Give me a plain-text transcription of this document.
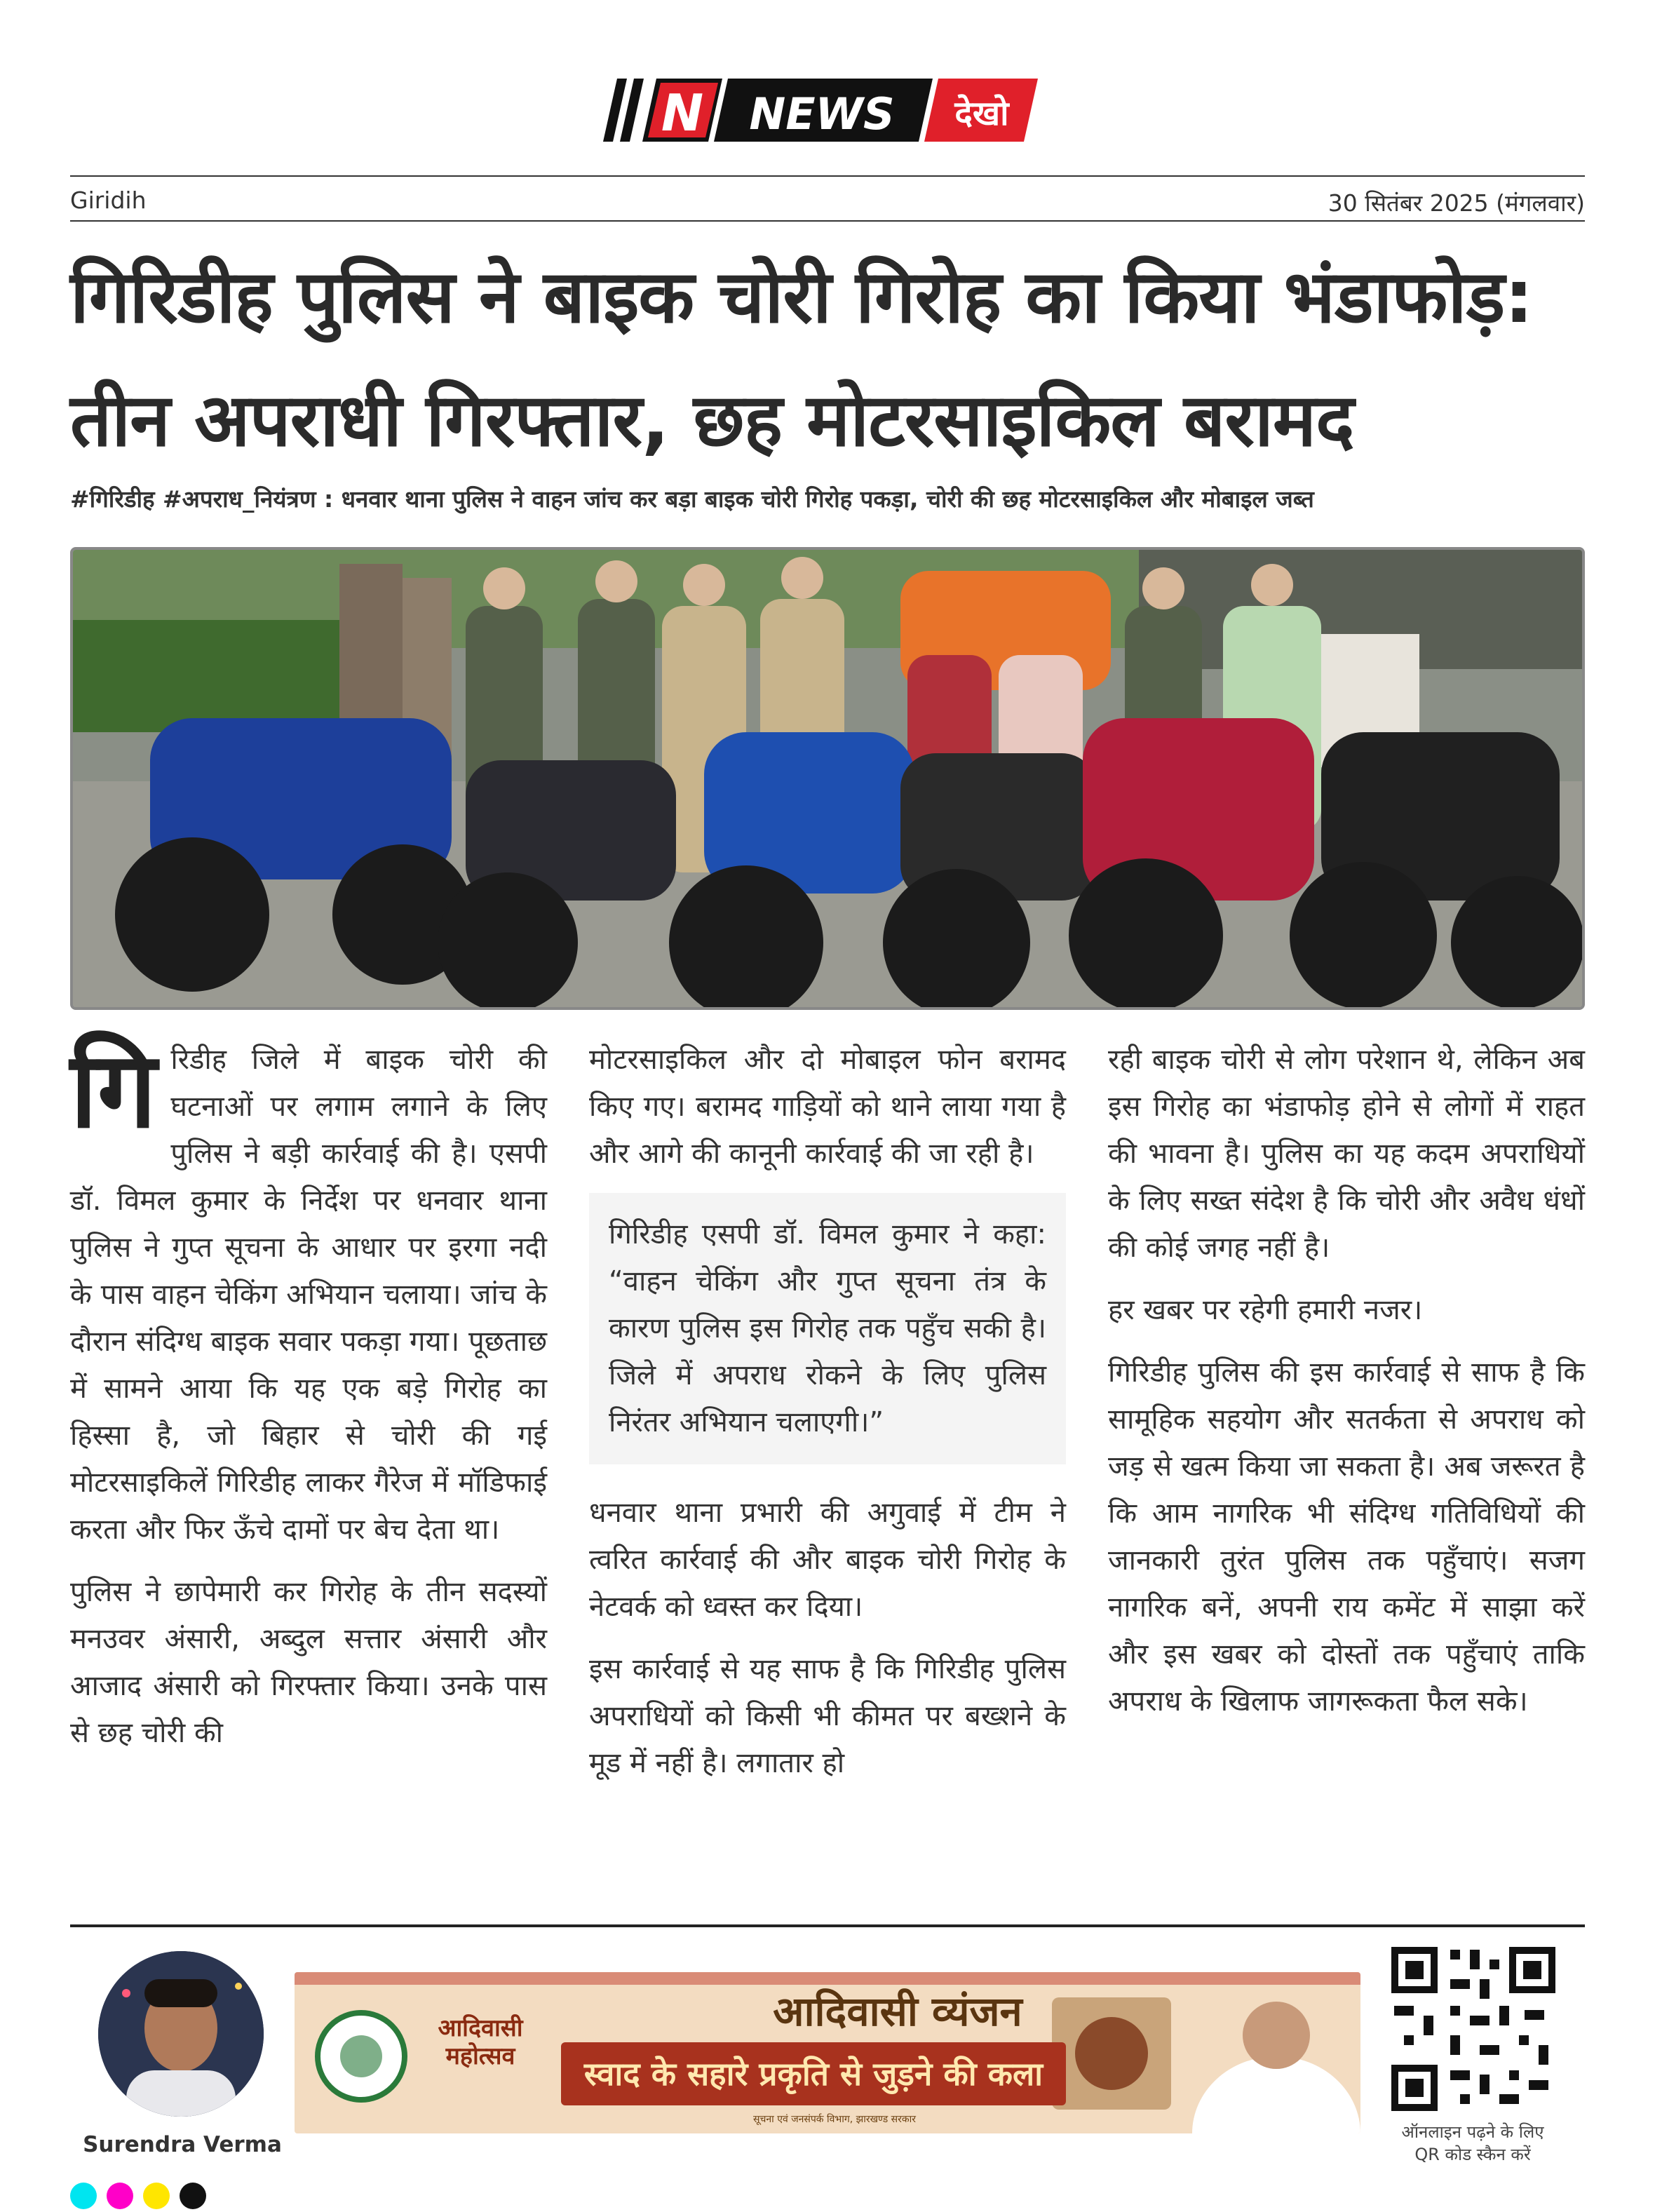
N NEWS देखो
Giridih	30 सितंबर 2025 (मंगलवार)
गिरिडीह पुलिस ने बाइक चोरी गिरोह का किया भंडाफोड़:
तीन अपराधी गिरफ्तार, छह मोटरसाइकिल बरामद
#गिरिडीह #अपराध_नियंत्रण : धनवार थाना पुलिस ने वाहन जांच कर बड़ा बाइक चोरी गिरोह पकड़ा, चोरी की छह मोटरसाइकिल और मोबाइल जब्त

गि रिडीह जिले में बाइक चोरी की घटनाओं पर लगाम लगाने के लिए पुलिस ने बड़ी कार्रवाई की है। एसपी डॉ. विमल कुमार के निर्देश पर धनवार थाना पुलिस ने गुप्त सूचना के आधार पर इरगा नदी के पास वाहन चेकिंग अभियान चलाया। जांच के दौरान संदिग्ध बाइक सवार पकड़ा गया। पूछताछ में सामने आया कि यह एक बड़े गिरोह का हिस्सा है, जो बिहार से चोरी की गई मोटरसाइकिलें गिरिडीह लाकर गैरेज में मॉडिफाई करता और फिर ऊँचे दामों पर बेच देता था।

पुलिस ने छापेमारी कर गिरोह के तीन सदस्यों मनउवर अंसारी, अब्दुल सत्तार अंसारी और आजाद अंसारी को गिरफ्तार किया। उनके पास से छह चोरी की

मोटरसाइकिल और दो मोबाइल फोन बरामद किए गए। बरामद गाड़ियों को थाने लाया गया है और आगे की कानूनी कार्रवाई की जा रही है।

गिरिडीह एसपी डॉ. विमल कुमार ने कहा: “वाहन चेकिंग और गुप्त सूचना तंत्र के कारण पुलिस इस गिरोह तक पहुँच सकी है। जिले में अपराध रोकने के लिए पुलिस निरंतर अभियान चलाएगी।”

धनवार थाना प्रभारी की अगुवाई में टीम ने त्वरित कार्रवाई की और बाइक चोरी गिरोह के नेटवर्क को ध्वस्त कर दिया।

इस कार्रवाई से यह साफ है कि गिरिडीह पुलिस अपराधियों को किसी भी कीमत पर बख्शने के मूड में नहीं है। लगातार हो

रही बाइक चोरी से लोग परेशान थे, लेकिन अब इस गिरोह का भंडाफोड़ होने से लोगों में राहत की भावना है। पुलिस का यह कदम अपराधियों के लिए सख्त संदेश है कि चोरी और अवैध धंधों की कोई जगह नहीं है।

हर खबर पर रहेगी हमारी नजर।

गिरिडीह पुलिस की इस कार्रवाई से साफ है कि सामूहिक सहयोग और सतर्कता से अपराध को जड़ से खत्म किया जा सकता है। अब जरूरत है कि आम नागरिक भी संदिग्ध गतिविधियों की जानकारी तुरंत पुलिस तक पहुँचाएं। सजग नागरिक बनें, अपनी राय कमेंट में साझा करें और इस खबर को दोस्तों तक पहुँचाएं ताकि अपराध के खिलाफ जागरूकता फैल सके।

Surendra Verma
आदिवासी महोत्सव
आदिवासी व्यंजन
स्वाद के सहारे प्रकृति से जुड़ने की कला
सूचना एवं जनसंपर्क विभाग, झारखण्ड सरकार
ऑनलाइन पढ़ने के लिए
QR कोड स्कैन करें
